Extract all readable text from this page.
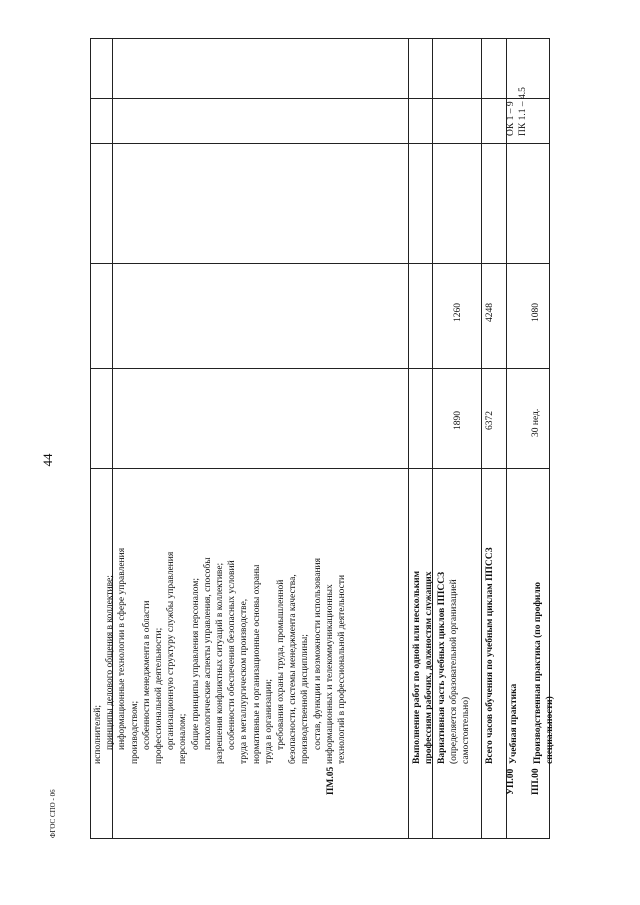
44
ФГОС СПО - 06
ПМ.05	УП.00 ПП.00
исполнителей; принципы делового общения в коллективе; информационные технологии в сфере управления производством; особенности менеджмента в области профессиональной деятельности; организационную структуру службы управления персоналом; общие принципы управления персоналом; психологические аспекты управления, способы разрешения конфликтных ситуаций в коллективе; особенности обеспечения безопасных условий труда в металлургическом производстве, нормативные и организационные основы охраны труда в организации; требования охраны труда, промышленной безопасности, системы менеджмента качества, производственной дисциплины; состав, функции и возможности использования информационных и телекоммуникационных технологий в профессиональной деятельности	Выполнение работ по одной или нескольким профессиям рабочих, должностям служащих Вариативная часть учебных циклов ППССЗ (определяется образовательной организацией самостоятельно)
1890
1260
Всего часов обучения по учебным циклам ППССЗ
6372
4248
Учебная практика
30 нед.
1080
ОК 1 – 9 ПК 1.1 – 4.5
Производственная практика (по профилю специальности)
